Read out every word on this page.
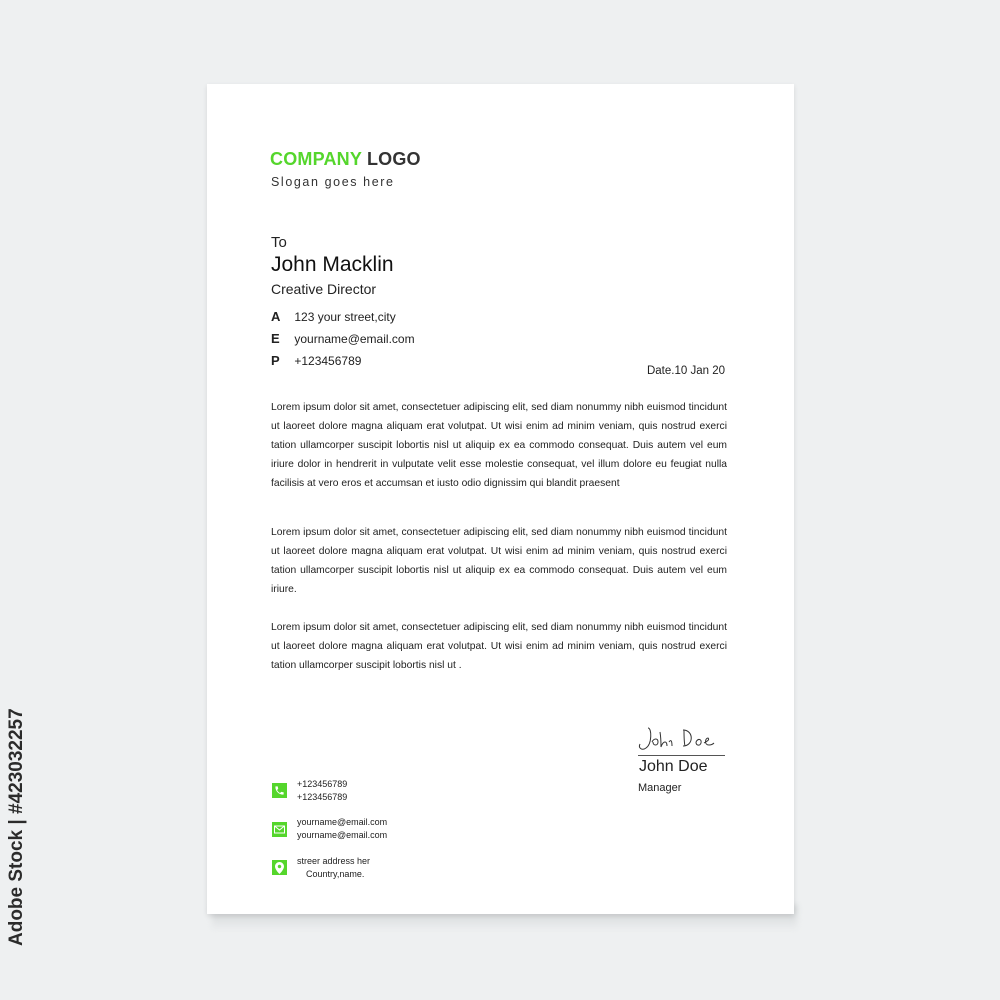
COMPANY LOGO
Slogan goes here
To
John Macklin
Creative Director
A 123 your street,city
E yourname@email.com
P +123456789
Date.10 Jan 20

Lorem ipsum dolor sit amet, consectetuer adipiscing elit, sed diam nonummy nibh euismod tincidunt ut laoreet dolore magna aliquam erat volutpat. Ut wisi enim ad minim veniam, quis nostrud exerci tation ullamcorper suscipit lobortis nisl ut aliquip ex ea commodo consequat. Duis autem vel eum iriure dolor in hendrerit in vulputate velit esse molestie consequat, vel illum dolore eu feugiat nulla facilisis at vero eros et accumsan et iusto odio dignissim qui blandit praesent

Lorem ipsum dolor sit amet, consectetuer adipiscing elit, sed diam nonummy nibh euismod tincidunt ut laoreet dolore magna aliquam erat volutpat. Ut wisi enim ad minim veniam, quis nostrud exerci tation ullamcorper suscipit lobortis nisl ut aliquip ex ea commodo consequat. Duis autem vel eum iriure.

Lorem ipsum dolor sit amet, consectetuer adipiscing elit, sed diam nonummy nibh euismod tincidunt ut laoreet dolore magna aliquam erat volutpat. Ut wisi enim ad minim veniam, quis nostrud exerci tation ullamcorper suscipit lobortis nisl ut .

John Doe
Manager
+123456789
+123456789
yourname@email.com
yourname@email.com
streer address her
Country,name.
Adobe Stock | #423032257
